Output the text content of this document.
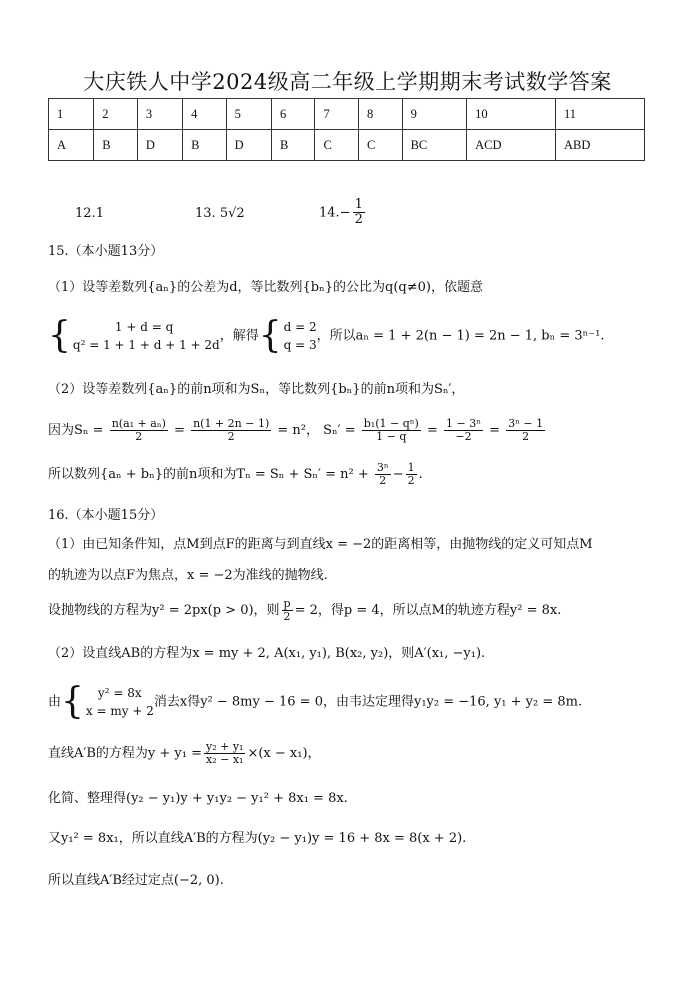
大庆铁人中学2024级高二年级上学期期末考试数学答案
1	2	3	4	5	6	7	8	9	10	11
A	B	D	B	D	B	C	C	BC	ACD	ABD
12.1	13. 5√2	$14.- \frac{1}{2}$
15.（本小题13分）
（1）设等差数列{aₙ}的公差为d，等比数列{bₙ}的公比为q(q≠0)，依题意
{	1 + d = q
q² = 1 + 1 + d + 1 + 2d
，解得{ d = 2
q = 3
，所以aₙ = 1 + 2(n − 1) = 2n − 1, bₙ = 3ⁿ⁻¹.
（2）设等差数列{aₙ}的前n项和为Sₙ，等比数列{bₙ}的前n项和为Sₙ′，
因为$S_n = \frac{\text{n(a₁ + aₙ)}}{2} = \frac{n(1 + 2n - 1)}{2} = n^2$， $S_n' = \frac{\text{b₁(1 − qⁿ)}}{1 - q} = \frac{\text{1 − 3ⁿ}}{-2} = \frac{\text{3ⁿ − 1}}{2}$
所以数列{aₙ + bₙ}的前n项和为$T_n = S_n + S_n' = n^2 + \frac{\text{3ⁿ}}{2} - \frac{1}{2}$ .
16.（本小题15分）
（1）由已知条件知，点M到点F的距离与到直线x = −2的距离相等，由抛物线的定义可知点M
的轨迹为以点F为焦点，x = −2为准线的抛物线.
设抛物线的方程为y² = 2px(p > 0)，则 $\frac{p}{2} = 2$，得p = 4，所以点M的轨迹方程y² = 8x.
（2）设直线AB的方程为x = my + 2, A(x₁, y₁), B(x₂, y₂)，则A′(x₁, −y₁).
由{	y² = 8x
x = my + 2
消去x得y² − 8my − 16 = 0，由韦达定理得y₁y₂ = −16, y₁ + y₂ = 8m.
直线A′B的方程为$y + y_1 = \frac{\text{y₂ + y₁}}{\text{x₂ − x₁}} \times(x - x_1)$，
化简、整理得(y₂ − y₁)y + y₁y₂ − y₁² + 8x₁ = 8x.
又y₁² = 8x₁，所以直线A′B的方程为(y₂ − y₁)y = 16 + 8x = 8(x + 2).
所以直线A′B经过定点(−2, 0).
